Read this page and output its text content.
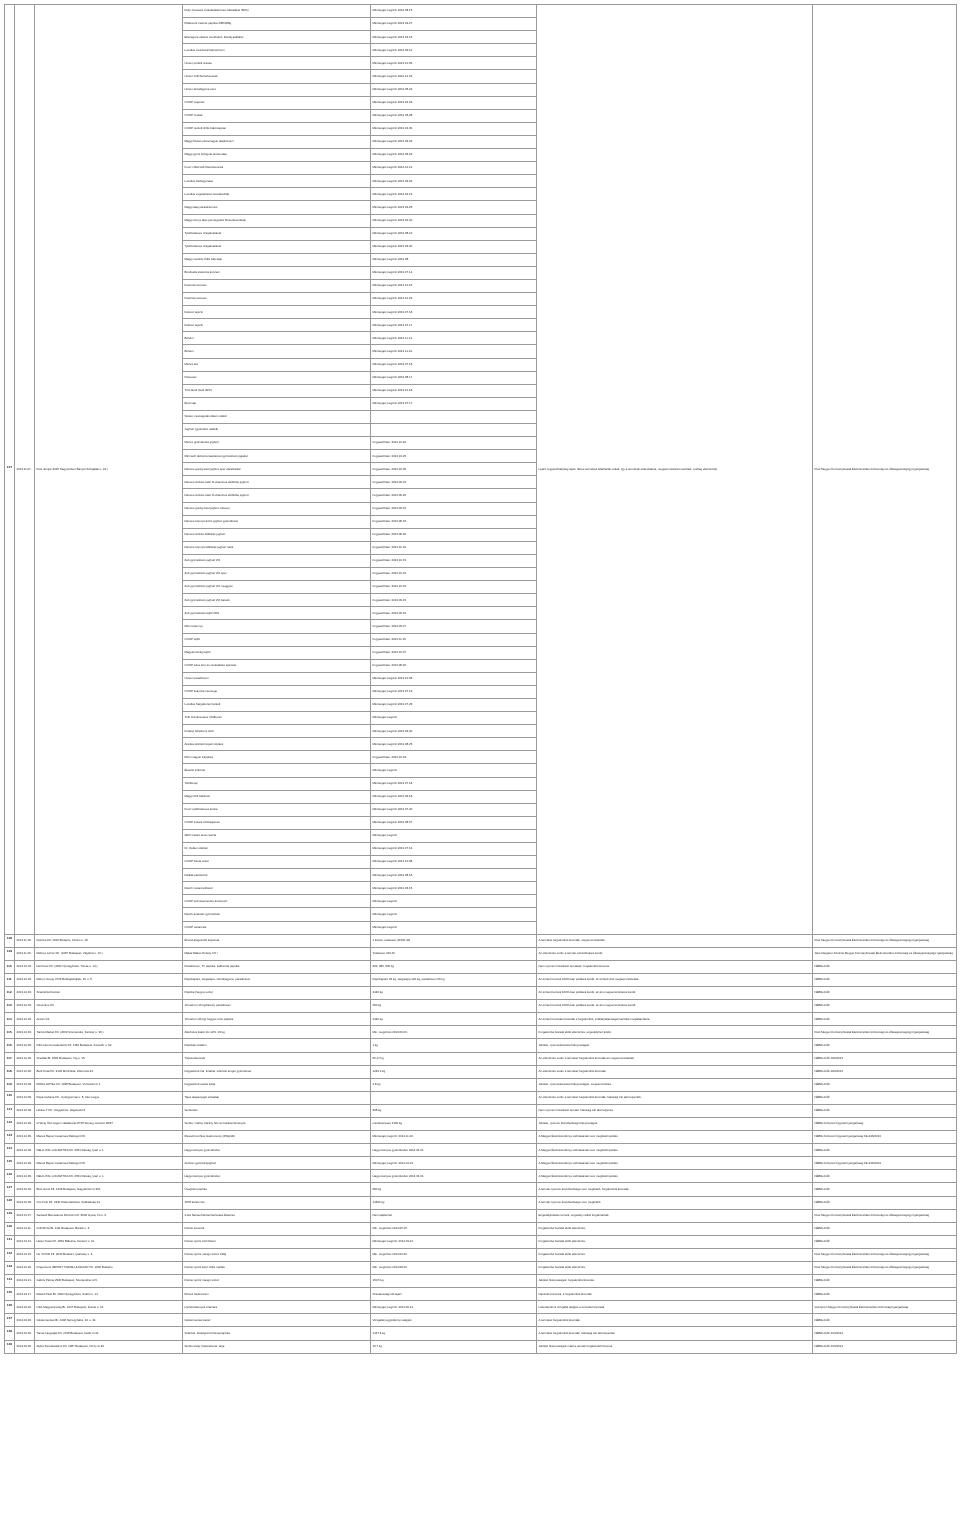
107.	2013.11.07.	Pest Jumpé 4026 Nagyszeben Bányai Szolgálati u. 15.)	Kelly Crossant csokoládékrémes töltelékkel (50%)	Minőségét megőrzi 2013.08.15.	Lejárt, fogyaszthatóság lejárt, illetve termékek fellelhetők voltak, így a termékek eltávolításra, megsemmisítésre kerültek. (utólag ellenőrzött)	Pest Megyei Kormányhivatal Élelmiszerlánc-biztonsági és Állategészségügyi Igazgatóság
			Plattevont zsemle paprika 4/80/308g	Minőségét megőrzi 2013.03.27.		
			Ellenagora vaskos menthalmi, illóolaj kaklalöp	Minőségét megőrzi 2013.04.15.		
			Lucullus mozdonál barnarizmm	Minőségét megőrzi 2013.09.10.		
			Univer pörkölt dressé	Minőségét megőrzi 2013.10.05.		
			Univer Grill fűszerkeverék	Minőségét megőrzi 2012.12.04.		
			Univer almafagyma ecet	Minőségét megőrzi 2013.05.24.		
			COOP majonéz	Minőségét megőrzi 2013.04.03.		
			COOP mustár	Minőségét megőrzi 2013.05.28.		
			COOP reszelt chilis babszappan	Minőségét megőrzi 2013.04.30.		
			Maggi Ízletes pirosmagyar alaplöveszt	Minőségét megőrzi 2013.06.04.		
			Maggi gyors bolognai tészta alap	Minőségét megőrzi 2013.05.04.		
			Knorr chilis bab fűszerkeverék	Minőségét megőrzi 2012.10.21.		
			Lucullus fokhagymasó	Minőségét megőrzi 2013.06.02.		
			Lucullus vegetáriánus leveskockák	Minőségét megőrzi 2013.04.19.		
			Maggi alap paradicsomos	Minőségét megőrzi 2013.04.25.		
			Maggi currys alap pennégedés fűszerkeverékek	Minőségét megőrzi 2013.04.20.		
			Tyúkhúsleves rizsgaluskával	Minőségét megőrzi 2013.08.10.		
			Tyúkhúsleves rizsgaluskával	Minőségét megőrzi 2013.09.20.		
			Maggi mexikói chilis bab alap	Minőségét megőrzi 2013.08.		
			Bonduelle kukorica konzerv	Minőségét megőrzi 2013.07.14.		
			Kukorica szemes	Minőségét megőrzi 2013.10.15.		
			Kukorica szemes	Minőségét megőrzi 2013.10.23.		
			Kókusz tejszín	Minőségét megőrzi 2013.07.18.		
			Kókusz tejszín	Minőségét megőrzi 2013.07.17.		
			Bohém	Minőségét megőrzi 2013.11.14.		
			Bohém	Minőségét megőrzi 2013.11.24.		
			Mézes tea	Minőségét megőrzi 2013.07.18.		
			Dzsemes	Minőségét megőrzi 2013.08.17.		
			Túró Rudi (bolti 30%)	Minőségét megőrzi 2013.10.18.		
			Érett sajt	Minőségét megőrzi 2013.07.17.		
			Sütési, csomagolás dátum nélkül			
			Joghurt (gyümölcs nélküli)			
			Mézes gyümölcsös joghurt	Fogyasztható: 2013.10.20.		
			Mini kefir dobozos kaukázusi gyümölcsös jógaital	Fogyasztható: 2013.10.25.		
			Danone görög krémjoghurt eper darabokkal	Fogyasztható: 2013.10.05.		
			Danone Activia natúr D-vitaminos élőflórás joghurt	Fogyasztható: 2013.09.15.		
			Danone Activia natúr D-vitaminos élőflórás joghurt	Fogyasztható: 2013.09.20.		
			Danone görög krémjoghurt citrusos	Fogyasztható: 2013.09.15.		
			Danone könnyű ánizs joghurt gyümölcsös	Fogyasztható: 2013.08.15.		
			Danone Activia élőflórás joghurt	Fogyasztható: 2013.08.20.		
			Danone könnyű élőflórás joghurt natúr	Fogyasztható: 2013.10.16.		
			Zott gyümölcsös joghurt 2%	Fogyasztható: 2013.10.15.		
			Zott gyümölcsös joghurt 2% eper	Fogyasztható: 2013.10.15.		
			Zott gyümölcsös joghurt 2% meggyes	Fogyasztható: 2013.10.15.		
			Zott gyümölcsös joghurt 2% barack	Fogyasztható: 2013.09.15.		
			Zott gyümölcsös tejföl 20%	Fogyasztható: 2013.09.15.		
			Mizo tehén tej	Fogyasztható: 2013.09.07.		
			COOP tejföl	Fogyasztható: 2013.11.15.		
			Magyarországi tejföl	Fogyasztható: 2013.10.07.		
			COOP édes túró és csokoládés tejszelet	Fogyasztható: 2013.08.20.		
			Univer paradicsom	Minőségét megőrzi 2013.10.05.		
			COOP kukorica csemege	Minőségét megőrzi 2013.07.19.		
			Lucullus Sárgaborsó hántolt	Minőségét megőrzi 2013.07.26.		
			Tóth krémlevespor zöldborsó	Minőségét megőrzi		
			Kotányi fehérbors őrölt	Minőségét megőrzi 2013.09.20.		
			Aranka szárított tépett csipkés	Minőségét megőrzi 2013.08.25.		
			Mizo magyar trappista	Fogyasztható: 2013.10.03.		
			Élesztő szárított	Minőségét megőrzi		
			Tortilla lap	Minőségét megőrzi 2013.07.18.		
			Maggi chili babkrém	Minőségét megőrzi 2013.09.18.		
			Knorr tyúkhúsleves kocka	Minőségét megőrzi 2013.07.20.		
			COOP instant zöldségleves	Minőségét megőrzi 2013.08.07.		
			ARO instant leves tészta	Minőségét megőrzi		
			Dr. Oetker sütőpor	Minőségét megőrzi 2013.07.16.		
			COOP barna cukor	Minőségét megőrzi 2013.10.08.		
			Delikát ételízesítő	Minőségét megőrzi 2013.08.18.		
			Rauch narancsdzsúsz	Minőségét megőrzi 2013.06.15.		
			COOP szénsavmentes ásványvíz	Minőségét megőrzi		
			Rauch ananász gyümölcslé	Minőségét megőrzi		
			COOP narancslé	Minőségét megőrzi		
108.	2013.11.18.	Dobriva Kft. 2040 Budaörs, Kinizsi u. 18.	Étrend-kiegészítő kapszula	1 karton, tételesen (8/100 db)	A terméket forgalomból kivonták, megsemmisítették.	Pest Megyei Kormányhivatal Élelmiszerlánc-biztonsági és Állategészségügyi Igazgatóság
109.	2013.11.26.	Mebrex Lőrinc Kft. (1097 Budapest, Vágóhíd u. 13.)	Makai Mákos Pehely 0,5 l	Tételesen 240 db	Az ellenőrzés során a termék visszahívásra került.	Jász-Nagykun-Szolnok Megyei Kormányhivatal Élelmiszerlánc-biztonsági és Állategészségügyi Igazgatóság
110.	2013.12.03.	Deli Karo Kft. (4031 Nyíregyháza, Tünde u. 14.)	Paradicsom, TV paprika, kaliforniai paprika	600, 380, 590 kg	Nem nyomon követhető termékek, forgalomból kivonva.	NÉBIH-KÁF
111.	2013.12.03.	Metryn Group 3726 Boldogkőújfalu, Fő u. 5.	Paprikapüré, sárgarépa, vöröshagyma, paradicsom	Paprikapüré 45 kg, sárgarépa 120 kg, paradicsom 60 kg	Az érintett termék 100%-ban pótlásra került, az érintett árut megsemmisítették.	NÉBIH-KÁF
112.	2013.12.03.	Szaniszlai Kamion	Paprika (hegyes erős)	2440 kg	Az érintett termék 100%-ban pótlásra került, az áru megsemmisítésre került.	NÉBIH-KÁF
113.	2013.12.03.	Cleverline Kft.	10 karton (10 kg/karton) paradicsom	250 kg	Az érintett termék 100%-ban pótlásra került, az áru megsemmisítésre került.	NÉBIH-KÁF
114.	2013.12.03.	Antrex Kft.	10 karton (30 kg) hegyes erős paprika	2440 kg	Az érintett terméket kivonták a forgalomból, szabálytalanságok kerültek megállapításra.	NÉBIH-KÁF
115.	2013.12.03.	Tantra Market Kft. (2000 Szentendre, Kertész u. 36.)	Alkoholos italok 10–12%, 20 kg	Min. megőrzés 2013.06.03.	Forgalomba hozatal előtti ellenőrzés, engedélyhez kötött.	Pest Megyei Kormányhivatal Élelmiszerlánc-biztonsági és Állategészségügyi Igazgatóság
116.	2013.12.05.	P&G Hús Kereskedelmi Kft. 1184 Budapest, Kossuth u. 62.	Paprikás szalámi	1 kg	Jelölési, nyomonkövetési hiányosságok.	NÉBIH-KÁF
117.	2013.12.06.	Szedlák Bt. 1084 Budapest, Víg u. 15.	Tápszerkeverék	65,17 kg	Az ellenőrzés során a terméket forgalomból kivonták és megsemmisítették.	NÉBIH-KÁF-040/2013
118.	2013.12.06.	Betti Kínai Kft. 9132 Mórichida, Zöld utca 33.	Fagyasztott hal, tintahal, szárított tenger gyümölcsei	1240,3 kg	Az ellenőrzés során a terméket forgalomból kivonták.	NÉBIH-KÁF-040/2013
119.	2013.12.09.	MONA HOTEL Kft. 1038 Budapest, Vörösvári út 1.	Fagyasztott sertés karaj	2,8 kg	Jelölési, nyomonkövetési hiányosságok, megsemmisítés.	NÉBIH-KÁF
120.	2013.12.09.	Papa-Gebava Kft., Győrgyarmat u. 8, Vas megye	Tejes alapanyagú tortaalap		Az ellenőrzés során a terméket forgalomból kivonták, hatósági zár alá helyezték.	NÉBIH-KÁF
121.	2013.12.09.	Hódos-T Kft., Nagykőrös, Hügelestő 8	Sertéshús	598 kg	Nem nyomon követhető termék, hatósági zár alá helyezés.	NÉBIH-KÁF
122.	2013.12.09.	el Wing Ölvi-cégem vállalkozás 8745 Sümeg, Hosszú 28/97	Sertés, marha, bárány hús és húskészítmények	mindösszesen 2100 kg	Jelölési, nyomon követhetőségi hiányosságok.	NÉBIH Központi Ügyeleti Igazgatóság
123.	2013.12.09.	Maresi Bejcei Cesarinea Pakisgort Kft.	Mesa-Krocchius Gastronomy (250g/db)	Minőségét megőrzi: 2014.11.20.	A Magyar Élelmiszerkönyv előírásainak nem megfelelő jelölés.	NÉBIH Központi Ügyeleti Igazgatóság KE-446/2013
124.	2013.12.09.	DELK-ITAL LOGISZTIKA Kft. 2651 Rétság, Ipari u. 1.	Hagyományos gyümölcsbor	Hagyományos gyümölcsbor 2014.04.01.	A Magyar Élelmiszerkönyv előírásainak nem megfelelő jelölés.	NÉBIH-KÁF
125.	2013.12.09.	Maresi Bejcei Cesarinea Pakisgort Kft.	Auchan gyümölcsjoghurt	Minőségét megőrzi: 2014.01.01.	A Magyar Élelmiszerkönyv előírásainak nem megfelelő jelölés.	NÉBIH Központi Ügyeleti Igazgatóság KE-446/2013
126.	2013.12.09.	DELK-ITAL LOGISZTIKA Kft. 2651 Rétság, Ipari u. 1.	Hagyományos gyümölcsbor	Hagyományos gyümölcsbor 2014.04.01.	A Magyar Élelmiszerkönyv előírásainak nem megfelelő jelölés.	NÉBIH-KÁF
127.	2014.01.03.	Best Grow Kft. 1239 Budapest, Nagykőrösi út 351.	Üvegházi paprika	680 kg	A termék nyomon követhetősége nem megfelelő, forgalomból kivonták.	NÉBIH-KÁF
128.	2014.01.09.	Oro Fruit Kft. 2340 Kiskunlacháza, Szabadság 24.	1878 kartón kivi	14400 kg	A termék nyomon követhetősége nem megfelelő.	NÉBIH-KÁF
129.	2014.01.07.	Sarasoft Biocsalorva Divizium Kft. 8000 Gyula, Fő u. 6.	3-HA Sarasoft Ersterhelmsáse Életérés	Nem tájékoztat	Engedélyköteles termék, engedély nélkül forgalmazták.	Pest Megyei Kormányhivatal Élelmiszerlánc-biztonsági és Állategészségügyi Igazgatóság
130.	2014.01.11.	Grill-Pizza Bt. 1111 Budapest, Bartók u. 3.	Fűszer keverék	Min. megőrzés 2014.05.15.	Forgalomba hozatal előtti ellenőrzés.	NÉBIH-KÁF
131.	2014.01.13.	Helex Torek Kft. 2861 Bábolna, Kertész u. 41.	Fűszer sprint zöld fűszer	Minőségét megőrzi: 2014.03.21.	Forgalomba hozatal előtti ellenőrzés.	NÉBIH-KÁF
132.	2014.01.16.	Ck. FOOD Kft. 2040 Budaörs, Ipartelep u. 6.	Fűszer sprint mangó szósz 190g	Min. megőrzés 2014.04.30.	Forgalomba hozatal előtti ellenőrzés.	Pest Megyei Kormányhivatal Élelmiszerlánc-biztonsági és Állategészségügyi Igazgatóság
133.	2014.01.20.	Fingerment IMPORT TRADE HUNGARY Kft. 2040 Budaörs	Fűszer sprint kész chilis mártás	Min. megőrzés 2014.08.20.	Forgalomba hozatal előtti ellenőrzés.	Pest Megyei Kormányhivatal Élelmiszerlánc-biztonsági és Állategészségügyi Igazgatóság
134.	2014.01.21.	Gabris Palma 2930 Budapest, Szentendrei út 5.	Fűszer sprint mangó szósz	150,5 kg	Jelölési hiányosságok, forgalomból kivonás.	NÉBIH-KÁF
135.	2014.04.17.	Rékód Pack Bt. 4400 Nyíregyháza, Szabó u. 14.	Rizses húskonzerv	Szavatossági idő lejárt	Hamisított termék, a forgalomból kivonták.	NÉBIH-KÁF
136.	2014.04.20.	LIDL Magyarország Bt. 1037 Budapest, Ilosvai u. 16.	Lisztérzékenyek számára	Minőségét megőrzi: 2014.06.14.	Laboratóriumi vizsgálat alapján a terméket kivonták.	Veszprém Megyei Kormányhivatal Élelmiszerlánc-biztonsági Igazgatóság
137.	2014.04.30.	Gluténmentes Bt. 4400 Nyíregyháza, Fő u. 44.	Gluténmentes keksz	Vizsgálati jegyzőkönyv alapján	A terméket forgalomból kivonták.	NÉBIH-KÁF
138.	2014.04.30.	Tamar Hegyaljai Kft. 2198 Budapest, Határ út 31.	Szárított, feldolgozott fűszerpaprika	1447,6 kg	A terméket forgalomból kivonták, hatósági zár alá helyezték.	NÉBIH-KÁF-103/2014
139.	2014.04.30.	Alpha Kereskedelmi Kft. 1087 Budapest, Orczy út 46.	Sertés karaj, hátszalonna, tarja	19,7 kg	Jelölési hiányosságok miatt a termék forgalomból kivonva.	NÉBIH-KÁF-103/2014
